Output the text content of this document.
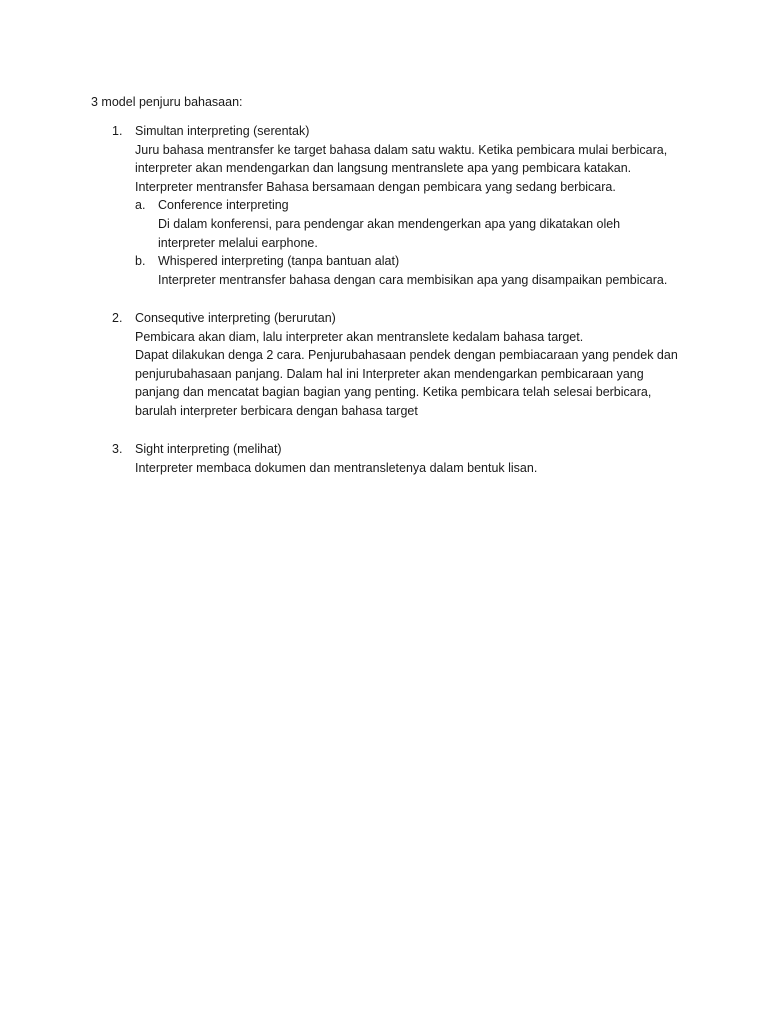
3 model penjuru bahasaan:
1. Simultan interpreting (serentak)
Juru bahasa mentransfer ke target bahasa dalam satu waktu. Ketika pembicara mulai berbicara,
interpreter akan mendengarkan dan langsung mentranslete apa yang pembicara katakan.
Interpreter mentransfer Bahasa bersamaan dengan pembicara yang sedang berbicara.
a. Conference interpreting
Di dalam konferensi, para pendengar akan mendengerkan apa yang dikatakan oleh
interpreter melalui earphone.
b. Whispered interpreting (tanpa bantuan alat)
Interpreter mentransfer bahasa dengan cara membisikan apa yang disampaikan pembicara.
2. Consequtive interpreting (berurutan)
Pembicara akan diam, lalu interpreter akan mentranslete kedalam bahasa target.
Dapat dilakukan denga 2 cara. Penjurubahasaan pendek dengan pembiacaraan yang pendek dan
penjurubahasaan panjang. Dalam hal ini Interpreter akan mendengarkan pembicaraan yang
panjang dan mencatat bagian bagian yang penting. Ketika pembicara telah selesai berbicara,
barulah interpreter berbicara dengan bahasa target
3. Sight interpreting (melihat)
Interpreter membaca dokumen dan mentransletenya dalam bentuk lisan.
